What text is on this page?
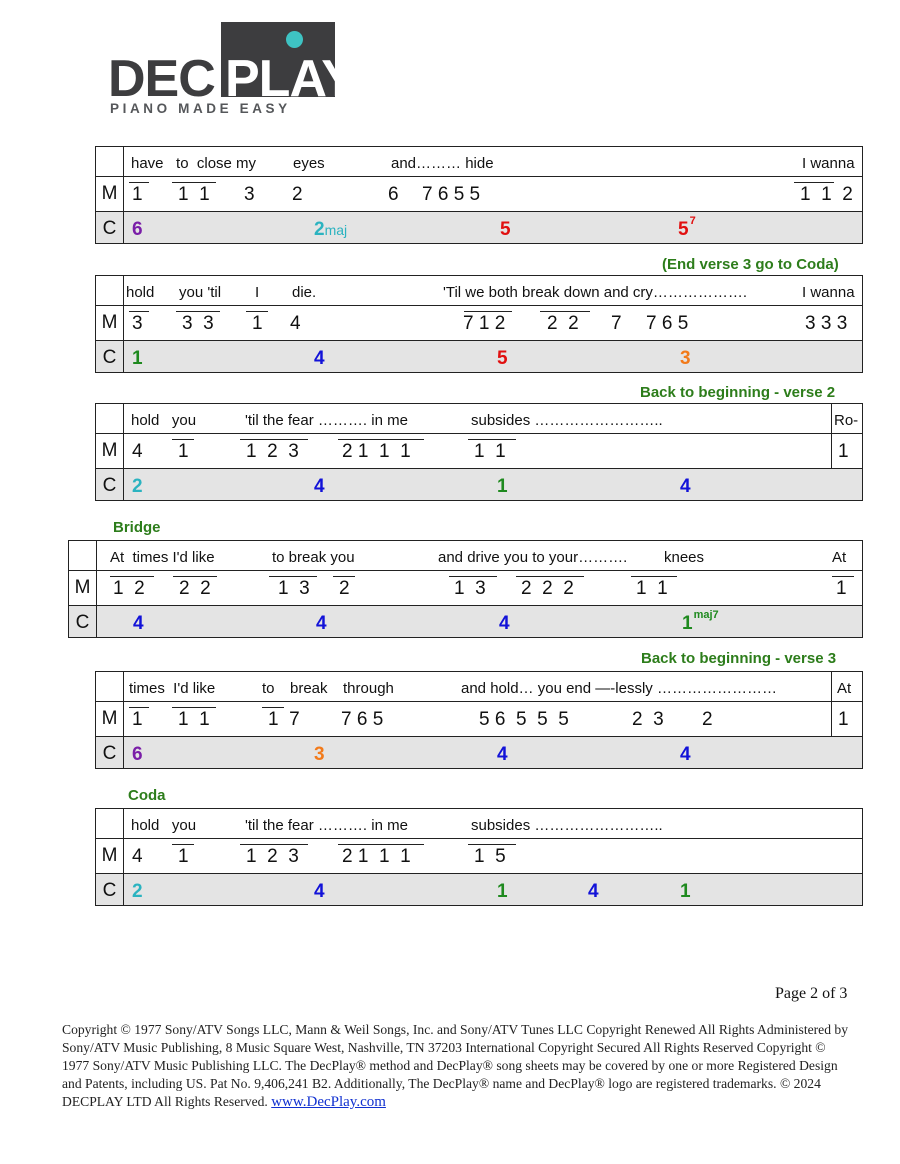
DEC PLAY
PIANO MADE EASY
have   to  close my eyes	and……… hide	I wanna
M 1 1  1 3 2	6 7 6 5 5	1  1  2
C 6	2maj	5	$5^7$
(End verse 3 go to Coda)
hold you 'til I die.	'Til we both break down and cry……………….	I wanna
M 3 3  3 1 4	7 1 2 2  2 7 7 6 5	3 3 3
C 1	4	5	3
Back to beginning - verse 2
hold   you	'til the fear ………. in me	subsides ……………………..	Ro-
M 4 1	1  2  3 2 1  1  1	1  1	1
C 2	4	1	4
Bridge
At  times I'd like	to break you	and drive you to your………. knees	At
M	1  2 2  2	1  3 2	1  3 2  2  2	1  1	1
C	4	4	4	$1^{maj7}$
Back to beginning - verse 3
times  I'd like	to break through	and hold… you end —-lessly ……………………	At
M 1 1  1	1  7 7 6 5	5 6  5  5  5	2  3 2	1
C 6	3	4	4
Coda
hold   you	'til the fear ………. in me	subsides ……………………..
M 4 1	1  2  3 2 1  1  1	1  5
C 2	4	1	4	1
Page 2 of 3
Copyright © 1977 Sony/ATV Songs LLC, Mann & Weil Songs, Inc. and Sony/ATV Tunes LLC Copyright Renewed All Rights Administered by Sony/ATV Music Publishing, 8 Music Square West, Nashville, TN 37203 International Copyright Secured All Rights Reserved Copyright © 1977 Sony/ATV Music Publishing LLC. The DecPlay® method and DecPlay® song sheets may be covered by one or more Registered Design and Patents, including US. Pat No. 9,406,241 B2. Additionally, The DecPlay® name and DecPlay® logo are registered trademarks. © 2024 DECPLAY LTD All Rights Reserved. www.DecPlay.com
